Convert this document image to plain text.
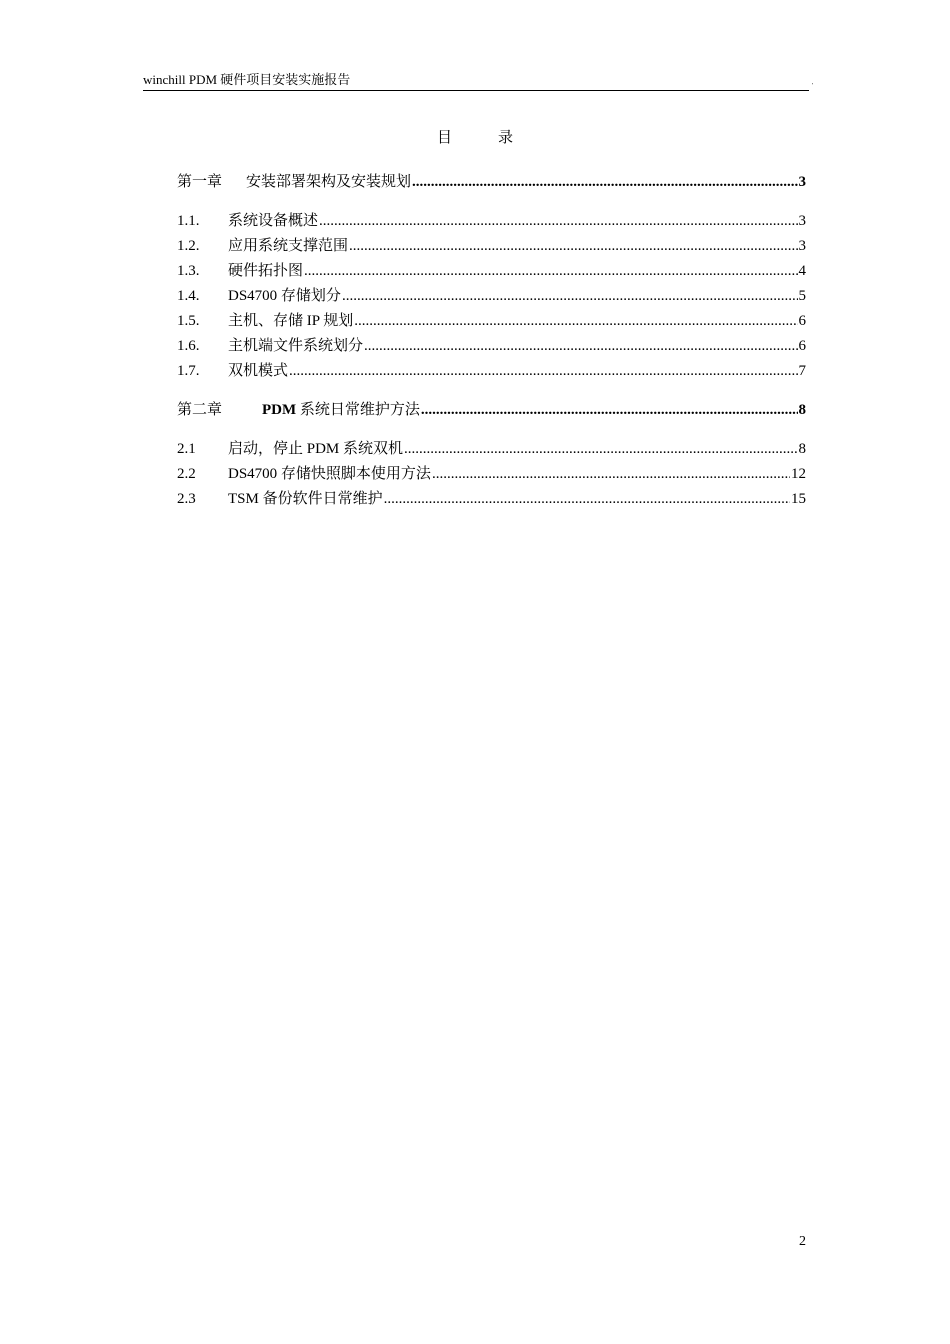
winchill PDM 硬件项目安装实施报告	'
目	录
第一章	安装部署架构及安装规划 .....	3
1.1.	系统设备概述 .....	3
1.2.	应用系统支撑范围 .....	3
1.3.	硬件拓扑图 .....	4
1.4.	DS4700 存储划分 .....	5
1.5.	主机、存储 IP 规划 .....	6
1.6.	主机端文件系统划分 .....	6
1.7.	双机模式 .....	7
第二章	PDM 系统日常维护方法 .....	8
2.1	启动，停止 PDM 系统双机 .....	8
2.2	DS4700 存储快照脚本使用方法 .....	12
2.3	TSM 备份软件日常维护 .....	15
2
